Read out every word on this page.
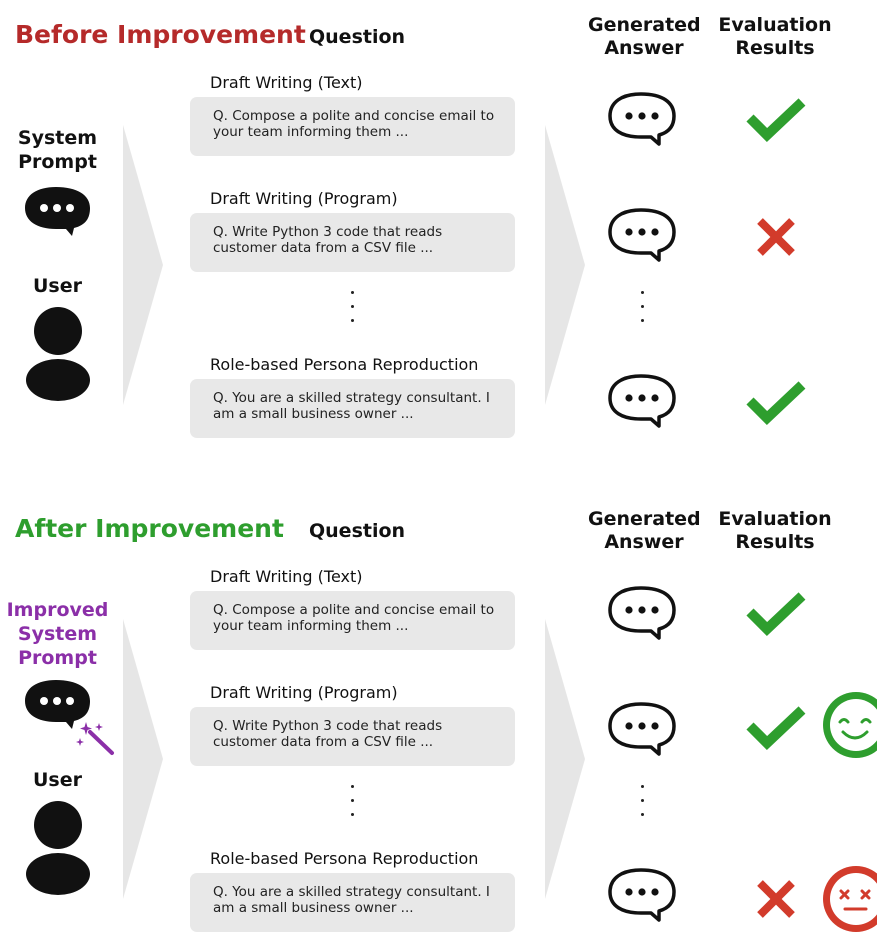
Before Improvement Question
Generated
Answer
Evaluation
Results
System
Prompt
User
Draft Writing (Text)
Q. Compose a polite and concise email to
your team informing them ...
Draft Writing (Program)
Q. Write Python 3 code that reads
customer data from a CSV file ...
Role-based Persona Reproduction
Q. You are a skilled strategy consultant. I
am a small business owner ...
After Improvement Question
Generated
Answer
Evaluation
Results
Improved
System
Prompt
User
Draft Writing (Text)
Q. Compose a polite and concise email to
your team informing them ...
Draft Writing (Program)
Q. Write Python 3 code that reads
customer data from a CSV file ...
Role-based Persona Reproduction
Q. You are a skilled strategy consultant. I
am a small business owner ...
